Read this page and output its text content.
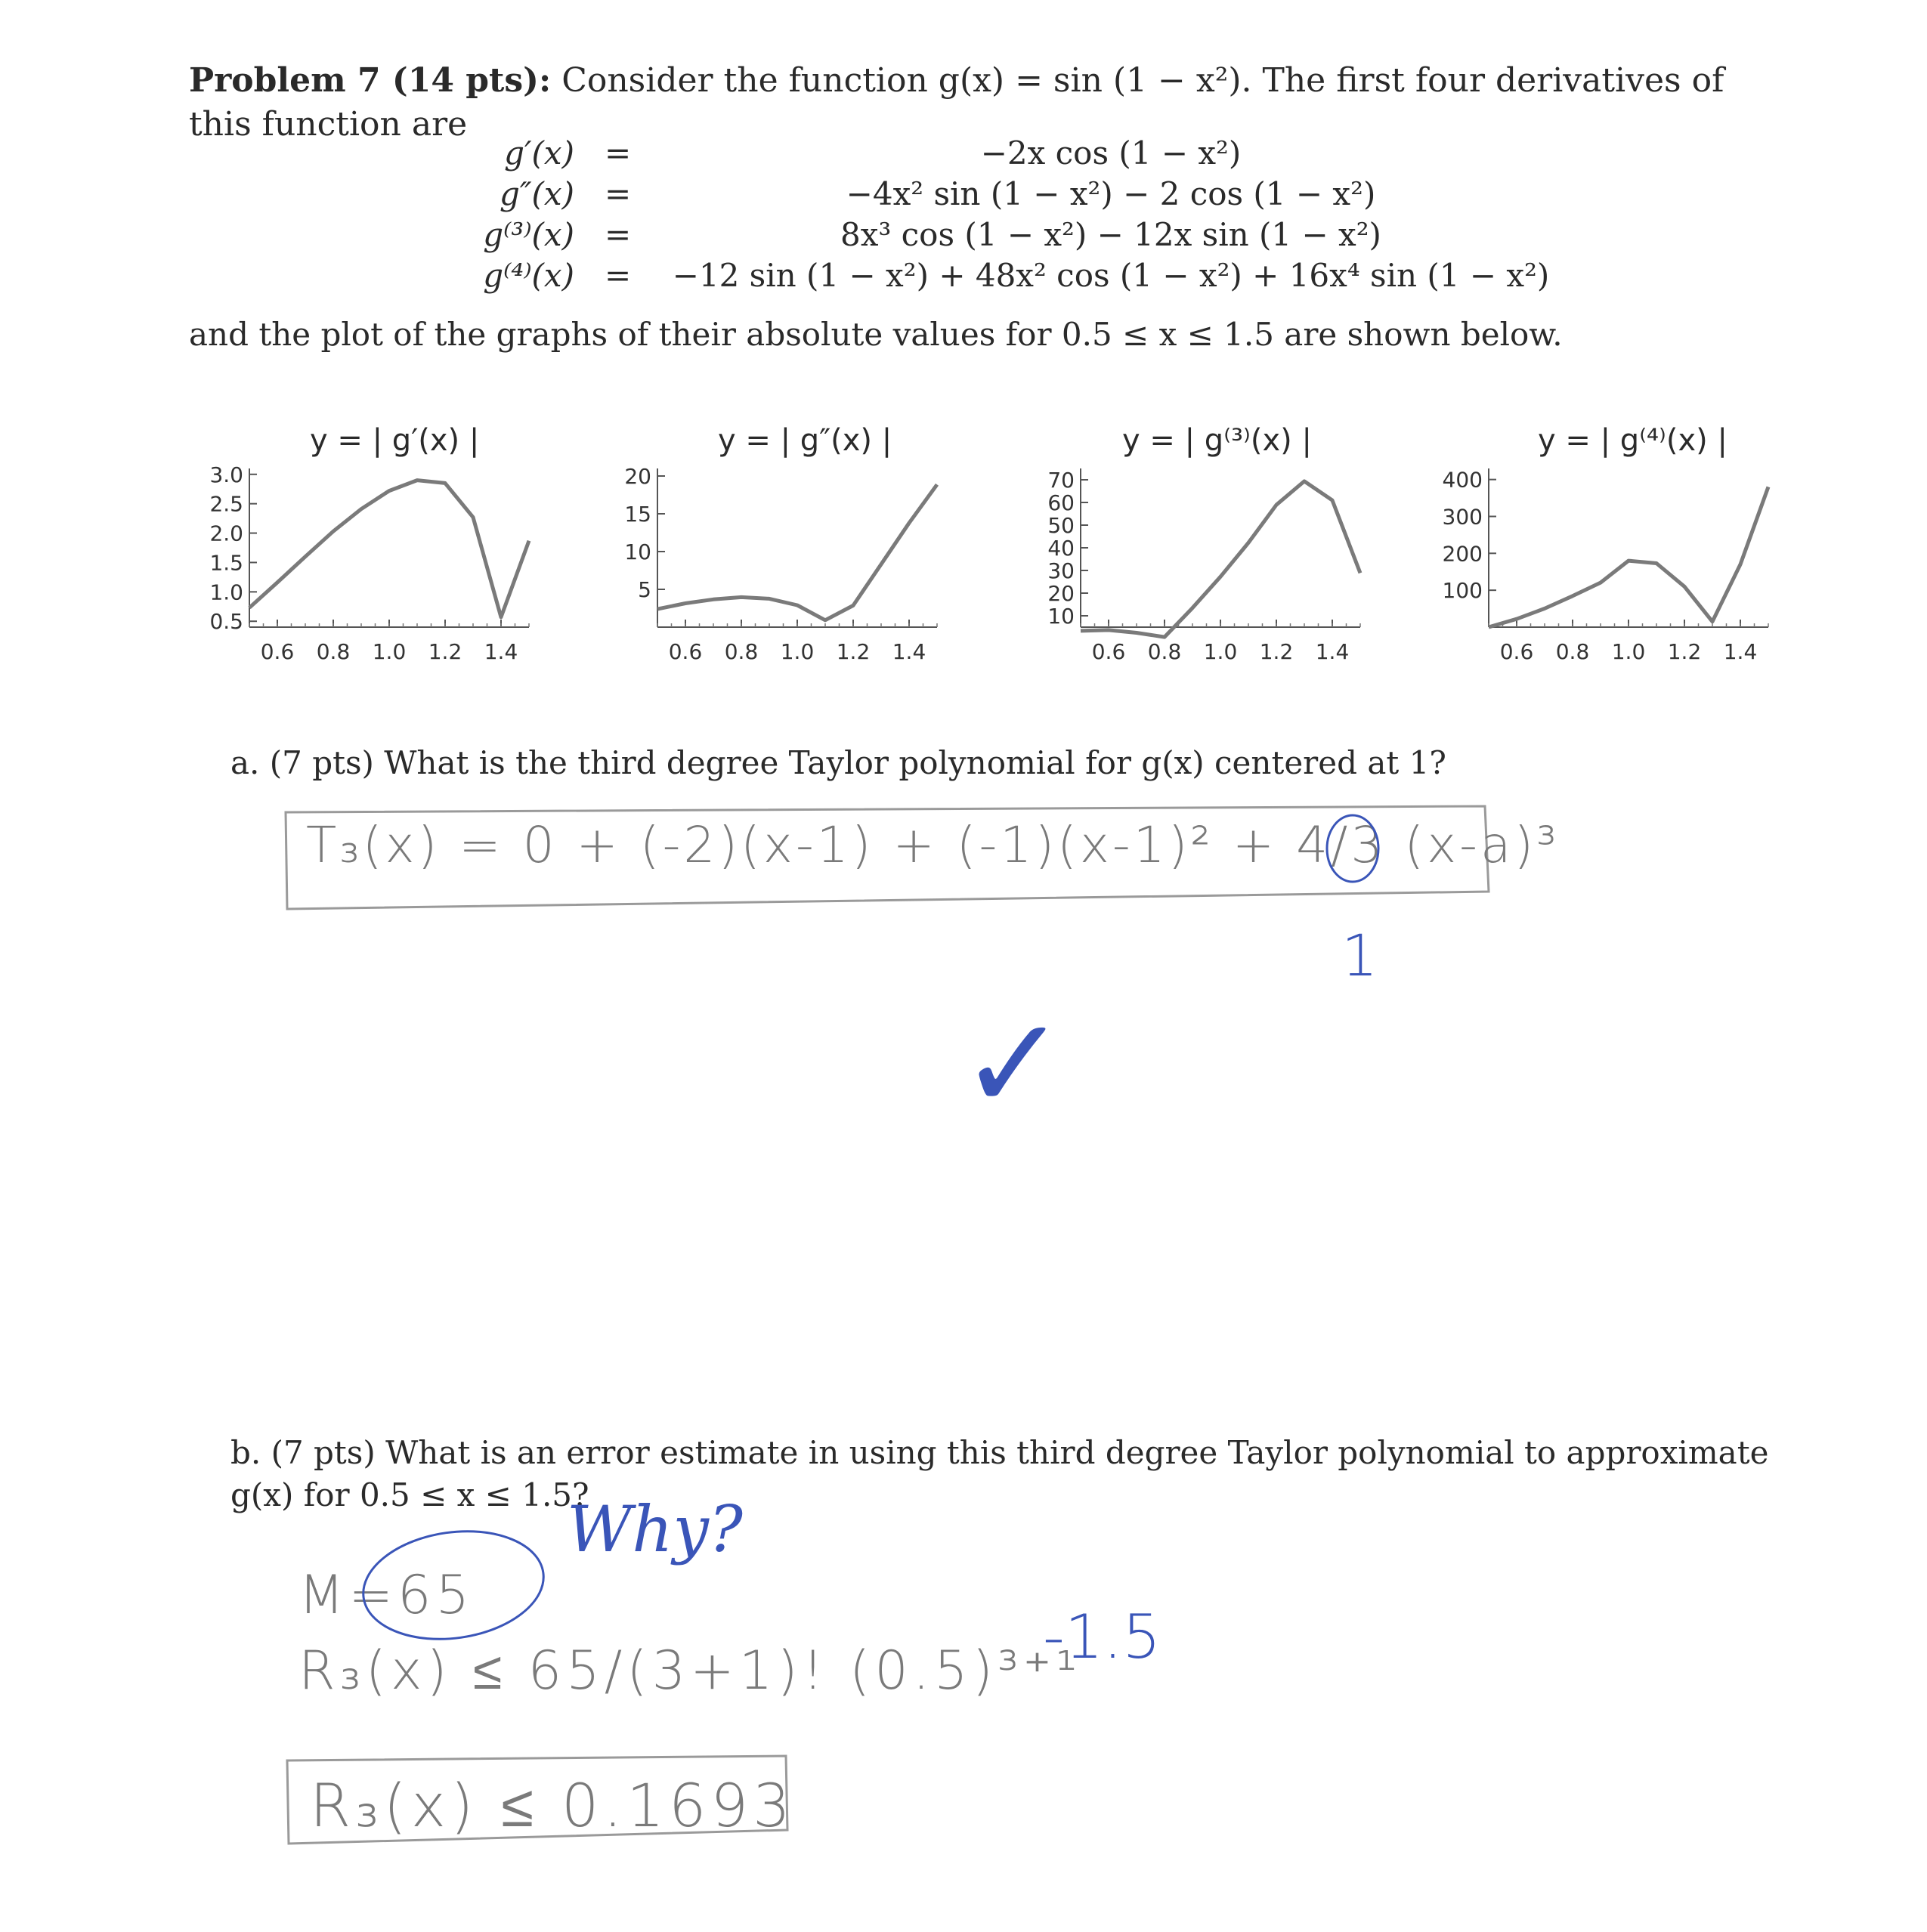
Problem 7 (14 pts): Consider the function g(x) = sin (1 − x²). The first four derivatives of this function are
g′(x) =	−2x cos (1 − x²)
g″(x) =	−4x² sin (1 − x²) − 2 cos (1 − x²)
g⁽³⁾(x) =	8x³ cos (1 − x²) − 12x sin (1 − x²)
g⁽⁴⁾(x) =	−12 sin (1 − x²) + 48x² cos (1 − x²) + 16x⁴ sin (1 − x²)
and the plot of the graphs of their absolute values for 0.5 ≤ x ≤ 1.5 are shown below.
y = | g′(x) |	y = | g″(x) |	y = | g⁽³⁾(x) |	y = | g⁽⁴⁾(x) |
0.6 0.8 1.0 1.2 1.4
0.5
1.0
1.5
2.0
2.5
3.0
0.6 0.8 1.0 1.2 1.4
5
10
15
20
0.6 0.8 1.0 1.2 1.4
10
20
30
40
50
60
70
0.6 0.8 1.0 1.2 1.4
100
200
300
400
a. (7 pts) What is the third degree Taylor polynomial for g(x) centered at 1?
T₃(x) = 0 + (-2)(x-1) + (-1)(x-1)² + 4/3 (x-a)³
1
✓
b. (7 pts) What is an error estimate in using this third degree Taylor polynomial to approximate g(x) for 0.5 ≤ x ≤ 1.5?
M=65
Why?
R₃(x) ≤ 65/(3+1)! (0.5)³⁺¹
-1.5
R₃(x) ≤ 0.1693
